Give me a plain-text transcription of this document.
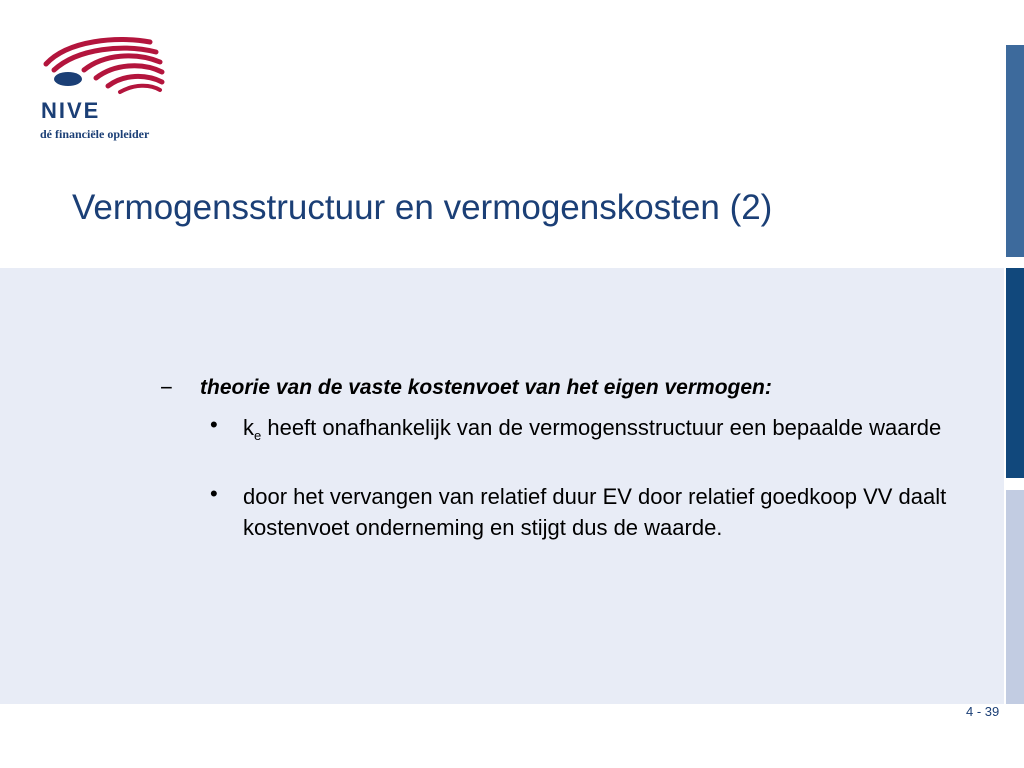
NIVE
dé financiële opleider
Vermogensstructuur en vermogenskosten (2)
− theorie van de vaste kostenvoet van het eigen vermogen:
• $k_e$ heeft onafhankelijk van de vermogensstructuur een bepaalde waarde
• door het vervangen van relatief duur EV door relatief goedkoop VV daalt kostenvoet onderneming en stijgt dus de waarde.
4 - 39
